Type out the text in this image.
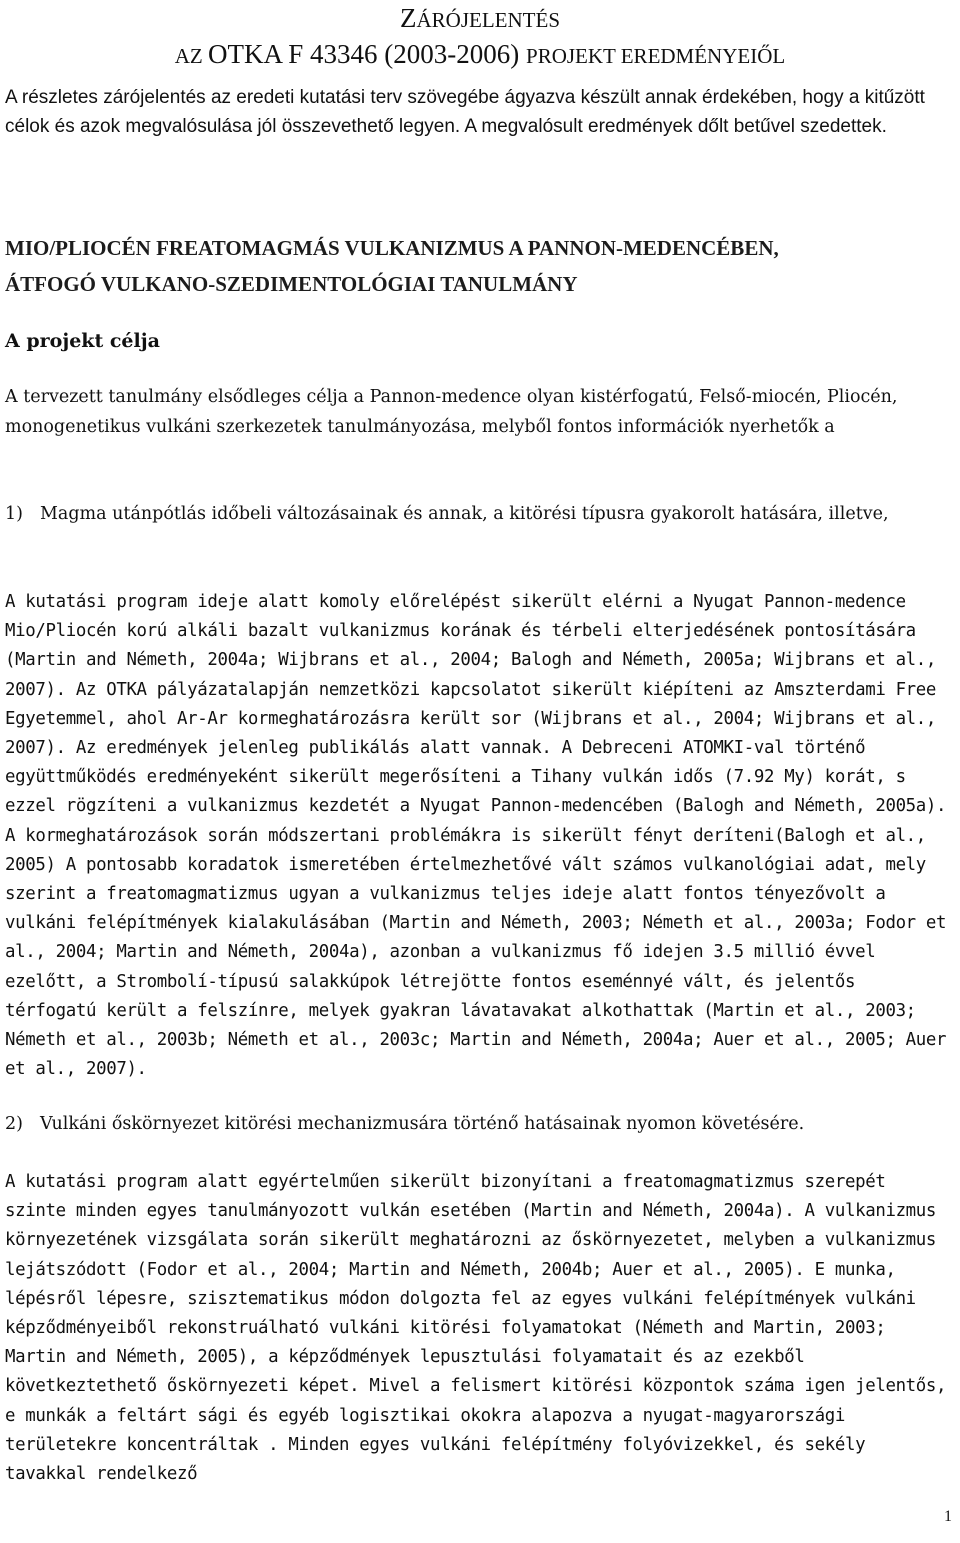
ZÁRÓJELENTÉS
AZ OTKA F 43346 (2003-2006) PROJEKT EREDMÉNYEIŐL

A részletes zárójelentés az eredeti kutatási terv szövegébe ágyazva készült annak érdekében, hogy a kitűzött célok és azok megvalósulása jól összevethető legyen. A megvalósult eredmények dőlt betűvel szedettek.

MIO/PLIOCÉN FREATOMAGMÁS VULKANIZMUS A PANNON-MEDENCÉBEN,
ÁTFOGÓ VULKANO-SZEDIMENTOLÓGIAI TANULMÁNY
A projekt célja

A tervezett tanulmány elsődleges célja a Pannon-medence olyan kistérfogatú, Felső-miocén, Pliocén, monogenetikus vulkáni szerkezetek tanulmányozása, melyből fontos információk nyerhetők a

1) Magma utánpótlás időbeli változásainak és annak, a kitörési típusra gyakorolt hatására, illetve,

A kutatási program ideje alatt komoly előrelépést sikerült elérni a Nyugat Pannon-medence Mio/Pliocén korú alkáli bazalt vulkanizmus korának és térbeli elterjedésének pontosítására (Martin and Németh, 2004a; Wijbrans et al., 2004; Balogh and Németh, 2005a; Wijbrans et al., 2007). Az OTKA pályázatalapján nemzetközi kapcsolatot sikerült kiépíteni az Amszterdami Free Egyetemmel, ahol Ar-Ar kormeghatározásra került sor (Wijbrans et al., 2004; Wijbrans et al., 2007). Az eredmények jelenleg publikálás alatt vannak. A Debreceni ATOMKI-val történő együttműködés eredményeként sikerült megerősíteni a Tihany vulkán idős (7.92 My) korát, s ezzel rögzíteni a vulkanizmus kezdetét a Nyugat Pannon-medencében (Balogh and Németh, 2005a). A kormeghatározások során módszertani problémákra is sikerült fényt deríteni(Balogh et al., 2005) A pontosabb koradatok ismeretében értelmezhetővé vált számos vulkanológiai adat, mely szerint a freatomagmatizmus ugyan a vulkanizmus teljes ideje alatt fontos tényezővolt a vulkáni felépítmények kialakulásában (Martin and Németh, 2003; Németh et al., 2003a; Fodor et al., 2004; Martin and Németh, 2004a), azonban a vulkanizmus fő idejen 3.5 millió évvel ezelőtt, a Strombolí-típusú salakkúpok létrejötte fontos eseménnyé vált, és jelentős térfogatú került a felszínre, melyek gyakran lávatavakat alkothattak (Martin et al., 2003; Németh et al., 2003b; Németh et al., 2003c; Martin and Németh, 2004a; Auer et al., 2005; Auer et al., 2007).

2) Vulkáni őskörnyezet kitörési mechanizmusára történő hatásainak nyomon követésére.

A kutatási program alatt egyértelműen sikerült bizonyítani a freatomagmatizmus szerepét szinte minden egyes tanulmányozott vulkán esetében (Martin and Németh, 2004a). A vulkanizmus környezetének vizsgálata során sikerült meghatározni az őskörnyezetet, melyben a vulkanizmus lejátszódott (Fodor et al., 2004; Martin and Németh, 2004b; Auer et al., 2005). E munka, lépésről lépesre, szisztematikus módon dolgozta fel az egyes vulkáni felépítmények vulkáni képződményeiből rekonstruálható vulkáni kitörési folyamatokat (Németh and Martin, 2003; Martin and Németh, 2005), a képződmények lepusztulási folyamatait és az ezekből következtethető őskörnyezeti képet. Mivel a felismert kitörési központok száma igen jelentős, e munkák a feltárt sági és egyéb logisztikai okokra alapozva a nyugat-magyarországi területekre koncentráltak . Minden egyes vulkáni felépítmény folyóvizekkel, és sekély tavakkal rendelkező

1
